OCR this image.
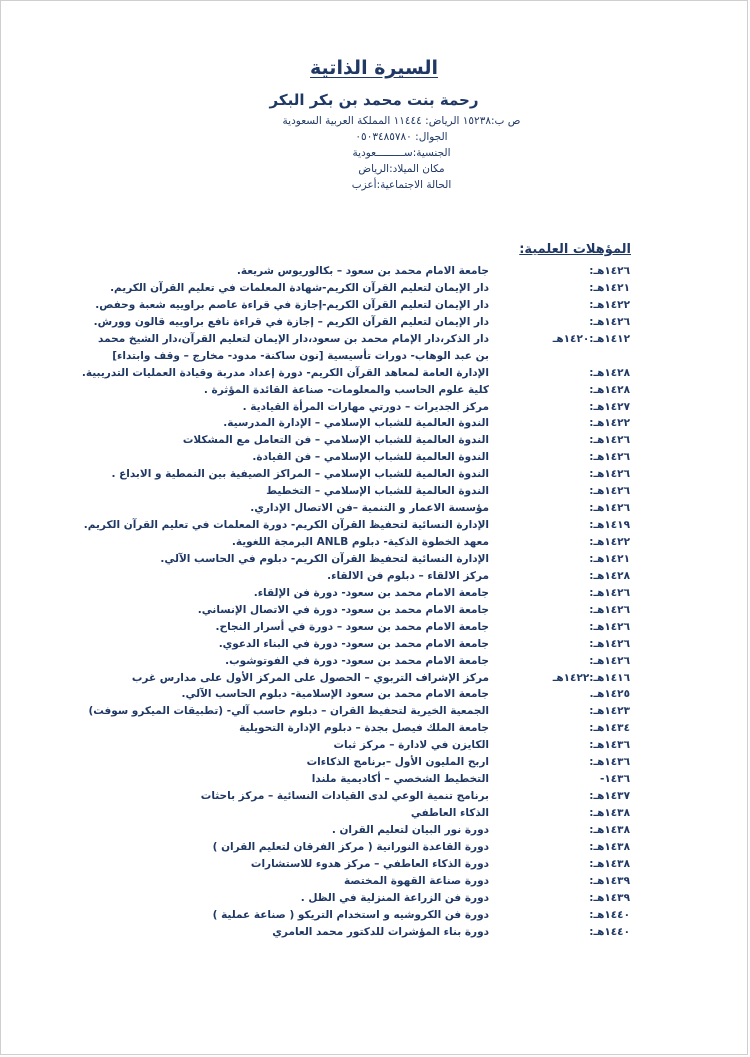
السيرة الذاتية
رحمة بنت محمد بن بكر البكر
ص ب:١٥٢٣٨ الرياض: ١١٤٤٤ المملكة العربية السعودية
الجوال: ٠٥٠٣٤٨٥٧٨٠
الجنسية:ســـــــــعودية
مكان الميلاد:الرياض
الحالة الاجتماعية:أعزب
المؤهلات العلمية:
١٤٢٦هـ:
جامعة الامام محمد بن سعود – بكالوريوس شريعة.
١٤٢١هـ:
دار الإيمان لتعليم القرآن الكريم-شهادة المعلمات في تعليم القرآن الكريم.
١٤٢٢هـ:
دار الإيمان لتعليم القرآن الكريم-إجازة في قراءة عاصم براوييه شعبة وحفص.
١٤٢٦هـ:
دار الإيمان لتعليم القرآن الكريم – إجازة في قراءة نافع براوييه قالون وورش.
١٤١٢هـ:١٤٢٠هـ
دار الذكر،دار الإمام محمد بن سعود،دار الإيمان لتعليم القرآن،دار الشيخ محمد
بن عبد الوهاب- دورات تأسيسية [نون ساكنة- مدود- مخارج – وقف وابتداء]
١٤٢٨هـ:
الإدارة العامة لمعاهد القرآن الكريم- دورة إعداد مدربة وقيادة العمليات التدريبية.
١٤٢٨هـ:
كلية علوم الحاسب والمعلومات- صناعة القائدة المؤثرة .
١٤٢٧هـ:
مركز الجديرات – دورتي مهارات المرأة القيادية .
١٤٢٢هـ:
الندوة العالمية للشباب الإسلامي – الإدارة المدرسية.
١٤٢٦هـ:
الندوة العالمية للشباب الإسلامي – فن التعامل مع المشكلات
١٤٢٦هـ:
الندوة العالمية للشباب الإسلامي – فن القيادة.
١٤٢٦هـ:
الندوة العالمية للشباب الإسلامي – المراكز الصيفية بين النمطية و الابداع .
١٤٢٦هـ:
الندوة العالمية للشباب الإسلامي – التخطيط
١٤٢٦هـ:
مؤسسة الاعمار و التنمية –فن الاتصال الإداري.
١٤١٩هـ:
الإدارة النسائية لتحفيظ القرآن الكريم- دورة المعلمات في تعليم القرآن الكريم.
١٤٢٢هـ:
معهد الخطوة الذكية- دبلوم ANLB البرمجة اللغوية.
١٤٢١هـ:
الإدارة النسائية لتحفيظ القرآن الكريم- دبلوم في الحاسب الآلي.
١٤٢٨هـ:
مركز الالقاء – دبلوم فن الالقاء.
١٤٢٦هـ:
جامعة الامام محمد بن سعود- دورة فن الإلقاء.
١٤٢٦هـ:
جامعة الامام محمد بن سعود- دورة في الاتصال الإنساني.
١٤٢٦هـ:
جامعة الامام محمد بن سعود – دورة في أسرار النجاح.
١٤٢٦هـ:
جامعة الامام محمد بن سعود- دورة في البناء الدعوي.
١٤٢٦هـ:
جامعة الامام محمد بن سعود- دورة في الفوتوشوب.
١٤١٦هـ:١٤٢٢هـ
مركز الإشراف التربوي – الحصول على المركز الأول على مدارس غرب
١٤٢٥هـ.
جامعة الامام محمد بن سعود الإسلامية- دبلوم الحاسب الآلي.
١٤٢٣هـ:
الجمعية الخيرية لتحفيظ القران – دبلوم حاسب آلي- (تطبيقات الميكرو سوفت)
١٤٣٤هـ:
جامعة الملك فيصل بجدة – دبلوم الإدارة التحويلية
١٤٣٦هـ:
الكايزن في لادارة – مركز ثبات
١٤٣٦هـ:
اربح المليون الأول –برنامج الذكاءات
١٤٣٦-
التخطيط الشخصي – أكاديمية ملندا
١٤٣٧هـ:
برنامج تنمية الوعي لدى القيادات النسائية – مركز باحثات
١٤٣٨هـ:
الذكاء العاطفي
١٤٣٨هـ:
دورة نور البيان لتعليم القران .
١٤٣٨هـ:
دورة القاعدة النورانية ( مركز الفرقان لتعليم القران )
١٤٣٨هـ:
دورة الذكاء العاطفي – مركز هدوء للاستشارات
١٤٣٩هـ:
دورة صناعة القهوة المختصة
١٤٣٩هـ:
دورة فن الزراعة المنزلية في الظل .
١٤٤٠هـ:
دورة فن الكروشيه و استخدام التريكو ( صناعة عملية )
١٤٤٠هـ:
دورة بناء المؤشرات للدكتور محمد العامري
